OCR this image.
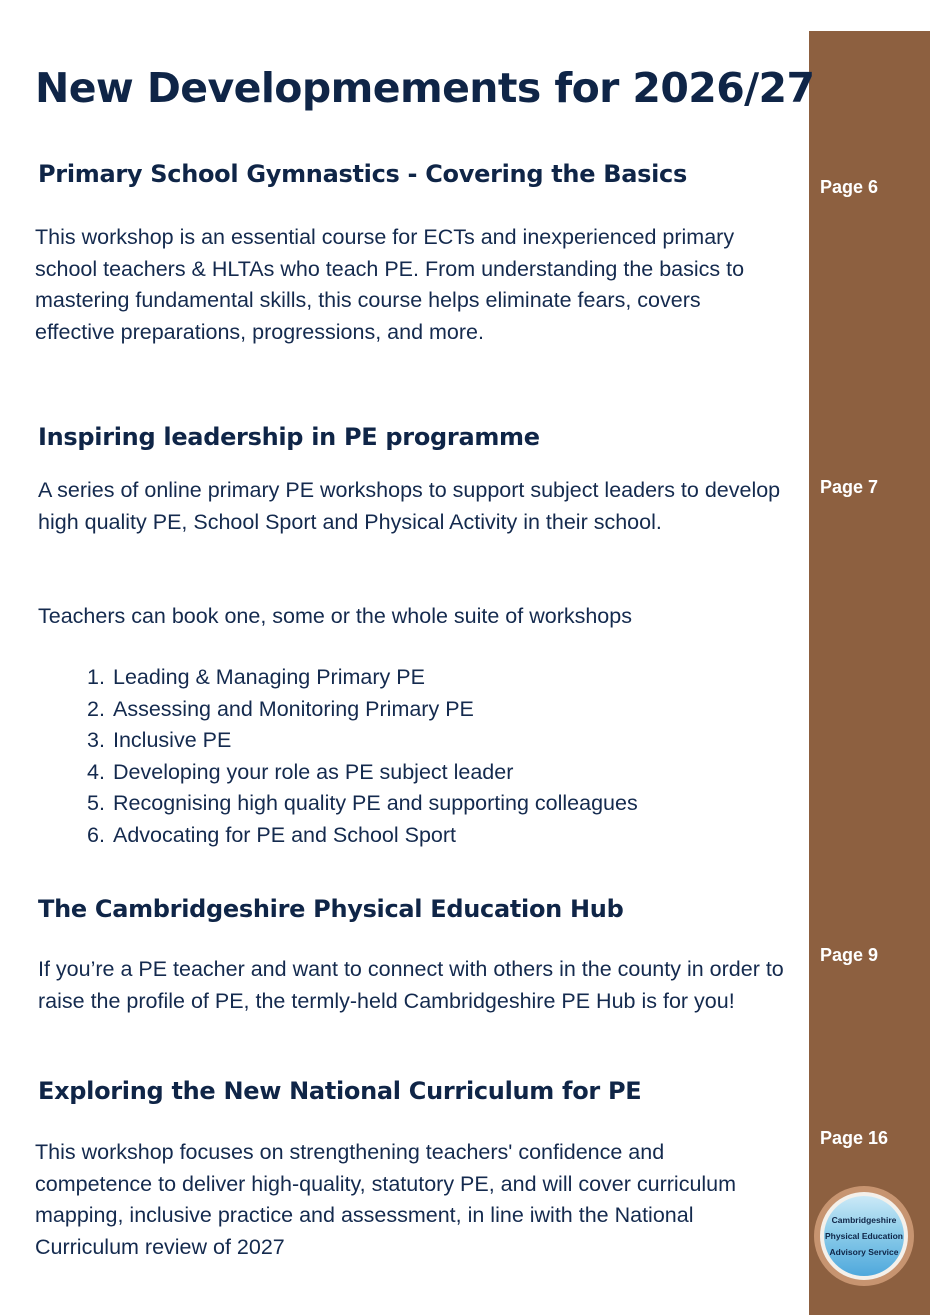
Page 6
Page 7
Page 9
Page 16
New Developmements for 2026/27
Primary School Gymnastics - Covering the Basics

This workshop is an essential course for ECTs and inexperienced primary school teachers & HLTAs who teach PE. From understanding the basics to mastering fundamental skills, this course helps eliminate fears, covers effective preparations, progressions, and more.

Inspiring leadership in PE programme

A series of online primary PE workshops to support subject leaders to develop high quality PE, School Sport and Physical Activity in their school.

Teachers can book one, some or the whole suite of workshops

1. Leading & Managing Primary PE
2. Assessing and Monitoring Primary PE
3. Inclusive PE
4. Developing your role as PE subject leader
5. Recognising high quality PE and supporting colleagues
6. Advocating for PE and School Sport
The Cambridgeshire Physical Education Hub

If you’re a PE teacher and want to connect with others in the county in order to raise the profile of PE, the termly-held Cambridgeshire PE Hub is for you!

Exploring the New National Curriculum for PE

This workshop focuses on strengthening teachers' confidence and competence to deliver high-quality, statutory PE, and will cover curriculum mapping, inclusive practice and assessment, in line iwith the National Curriculum review of 2027

Cambridgeshire
Physical Education
Advisory Service
